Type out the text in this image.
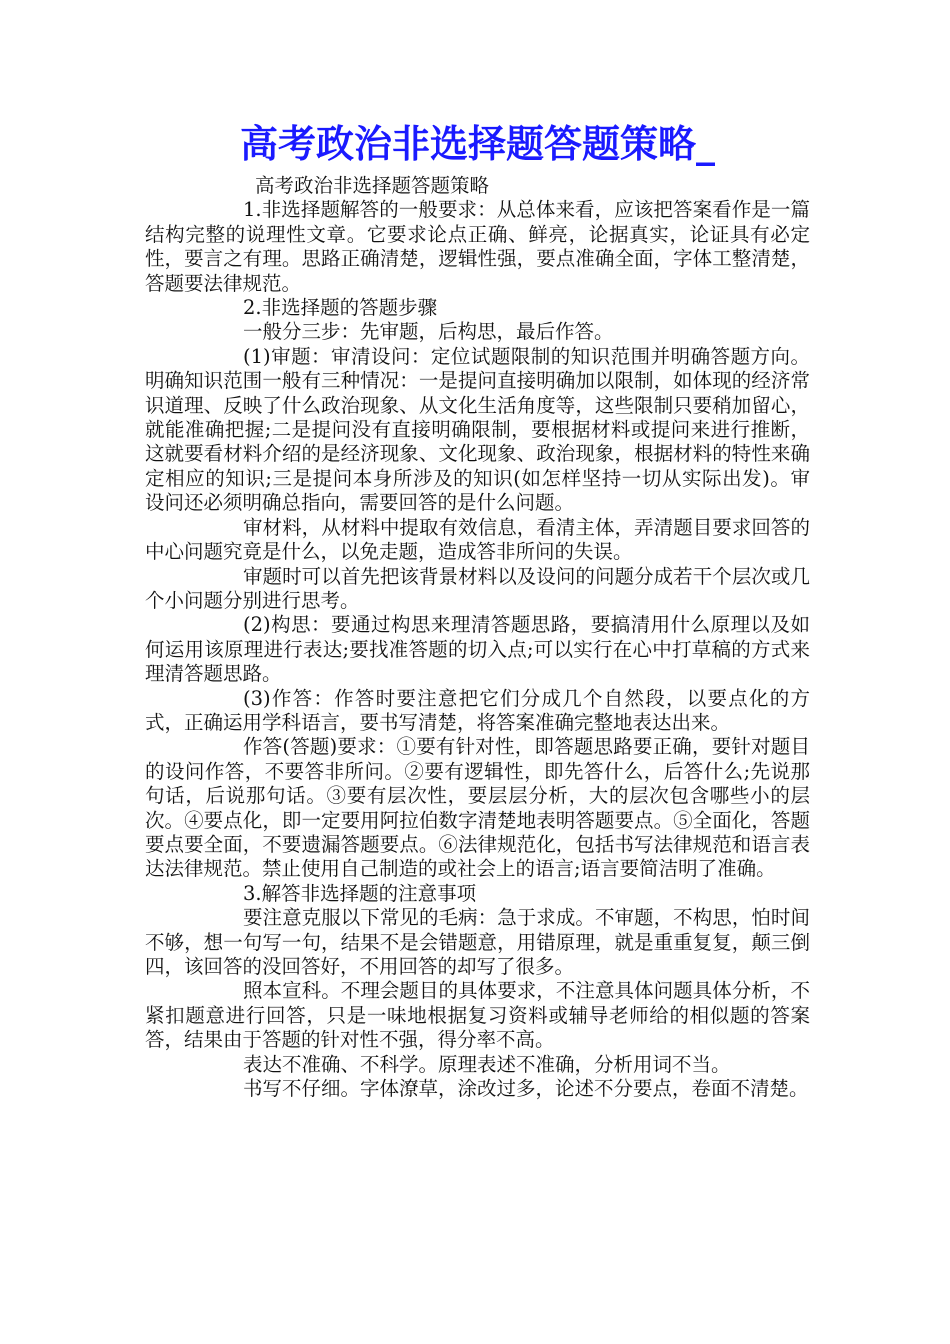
高考政治非选择题答题策略_

高考政治非选择题答题策略

1.非选择题解答的一般要求：从总体来看，应该把答案看作是一篇结构完整的说理性文章。它要求论点正确、鲜亮，论据真实，论证具有必定性，要言之有理。思路正确清楚，逻辑性强，要点准确全面，字体工整清楚，答题要法律规范。

2.非选择题的答题步骤

一般分三步：先审题，后构思，最后作答。

(1)审题：审清设问：定位试题限制的知识范围并明确答题方向。明确知识范围一般有三种情况：一是提问直接明确加以限制，如体现的经济常识道理、反映了什么政治现象、从文化生活角度等，这些限制只要稍加留心，就能准确把握;二是提问没有直接明确限制，要根据材料或提问来进行推断，这就要看材料介绍的是经济现象、文化现象、政治现象，根据材料的特性来确定相应的知识;三是提问本身所涉及的知识(如怎样坚持一切从实际出发)。审设问还必须明确总指向，需要回答的是什么问题。

审材料，从材料中提取有效信息，看清主体，弄清题目要求回答的中心问题究竟是什么，以免走题，造成答非所问的失误。

审题时可以首先把该背景材料以及设问的问题分成若干个层次或几个小问题分别进行思考。

(2)构思：要通过构思来理清答题思路，要搞清用什么原理以及如何运用该原理进行表达;要找准答题的切入点;可以实行在心中打草稿的方式来理清答题思路。

(3)作答：作答时要注意把它们分成几个自然段，以要点化的方式，正确运用学科语言，要书写清楚，将答案准确完整地表达出来。

作答(答题)要求：①要有针对性，即答题思路要正确，要针对题目的设问作答，不要答非所问。②要有逻辑性，即先答什么，后答什么;先说那句话，后说那句话。③要有层次性，要层层分析，大的层次包含哪些小的层次。④要点化，即一定要用阿拉伯数字清楚地表明答题要点。⑤全面化，答题要点要全面，不要遗漏答题要点。⑥法律规范化，包括书写法律规范和语言表达法律规范。禁止使用自己制造的或社会上的语言;语言要简洁明了准确。

3.解答非选择题的注意事项

要注意克服以下常见的毛病：急于求成。不审题，不构思，怕时间不够，想一句写一句，结果不是会错题意，用错原理，就是重重复复，颠三倒四，该回答的没回答好，不用回答的却写了很多。

照本宣科。不理会题目的具体要求，不注意具体问题具体分析，不紧扣题意进行回答，只是一味地根据复习资料或辅导老师给的相似题的答案答，结果由于答题的针对性不强，得分率不高。

表达不准确、不科学。原理表述不准确，分析用词不当。

书写不仔细。字体潦草，涂改过多，论述不分要点，卷面不清楚。
